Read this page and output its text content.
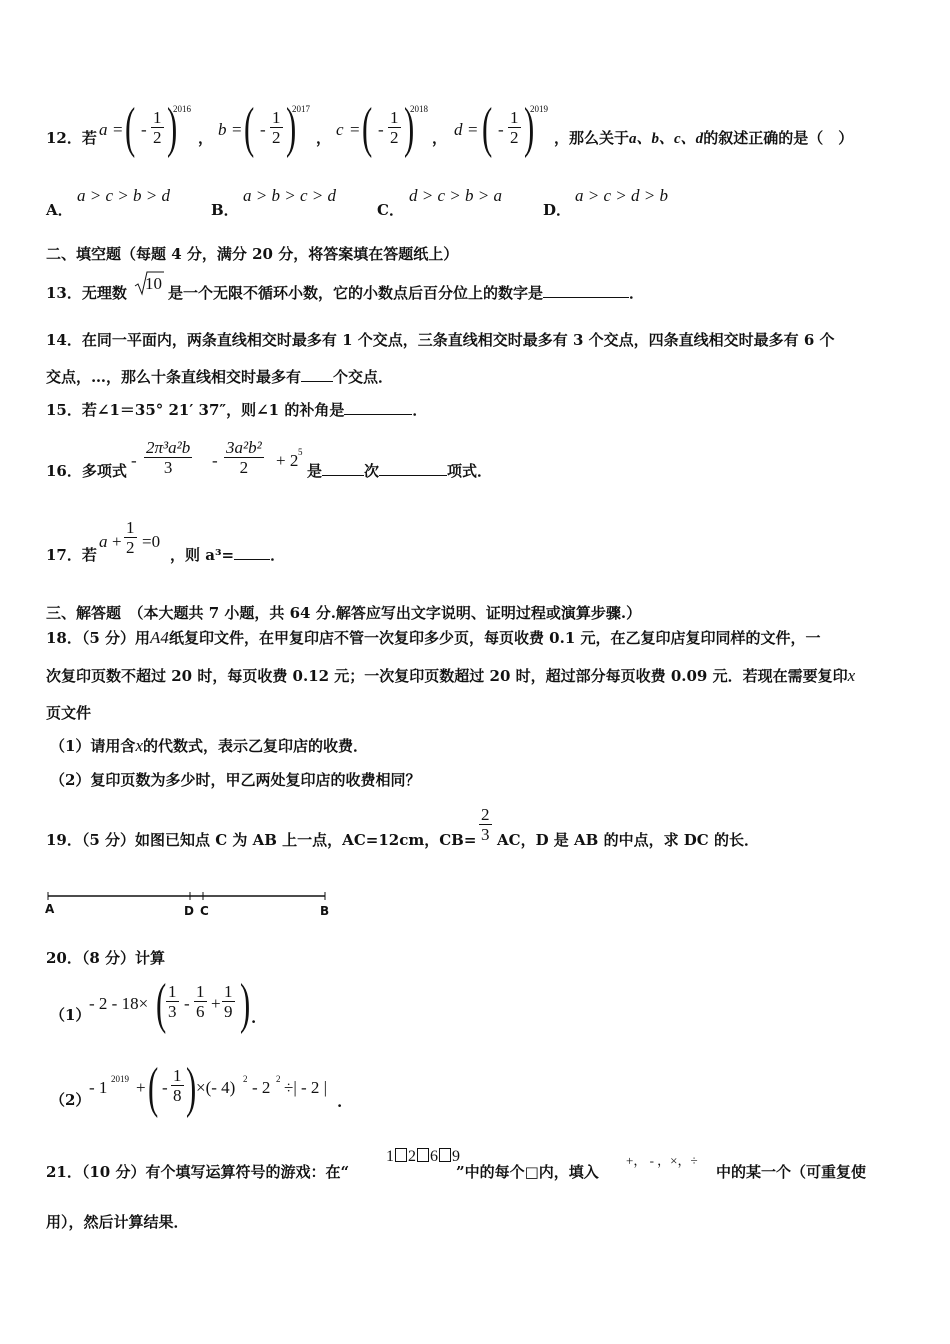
12．若 a = ( - $\frac{1}{2}$ )
2016
， b = ( - $\frac{1}{2}$ )
2017
， c = ( - $\frac{1}{2}$ )
2018
， d = ( - $\frac{1}{2}$ )
2019
，那么关于a、b、c、d的叙述正确的是（　）
A．
a > c > b > d
B．
a > b > c > d
C．
d > c > b > a
D．
a > c > d > b
二、填空题（每题 4 分，满分 20 分，将答案填在答题纸上）
13．无理数 10 是一个无限不循环小数，它的小数点后百分位上的数字是	．
14．在同一平面内，两条直线相交时最多有 1 个交点，三条直线相交时最多有 3 个交点，四条直线相交时最多有 6 个
交点，…，那么十条直线相交时最多有 个交点．
15．若∠1＝35° 21′ 37″，则∠1 的补角是	．
16．多项式
- $\frac{\text{2π³a²b}}{3} - \frac{\text{3a²b²}}{2} + 2$ 5
是	次	项式．
17．若
$a + \frac{1}{2} =0$
，则 a³= ．
三、解答题　（本大题共 7 小题，共 64 分.解答应写出文字说明、证明过程或演算步骤.）
18．（5 分）用A4纸复印文件，在甲复印店不管一次复印多少页，每页收费 0.1 元，在乙复印店复印同样的文件，一
次复印页数不超过 20 时，每页收费 0.12 元；一次复印页数超过 20 时，超过部分每页收费 0.09 元．若现在需要复印x
页文件
（1）请用含x的代数式，表示乙复印店的收费．
（2）复印页数为多少时，甲乙两处复印店的收费相同？
19．（5 分）如图已知点 C 为 AB 上一点，AC=12cm，$CB= \frac{2}{3}$ AC，D 是 AB 的中点，求 DC 的长．
A	D C	B
20．（8 分）计算
（1）
- 2 - 18× ( $\frac{1}{3} - \frac{1}{6} + \frac{1}{9}$ ) .
（2）
- 1 2019 + ( - $\frac{1}{8}$ ) ×(- 4) 2 - 2 2 ÷| - 2 |
.
21．（10 分）有个填写运算符号的游戏：在“
1 2 6 9
”中的每个□内，填入
+， - ，×，÷
中的某一个（可重复使
用），然后计算结果．
